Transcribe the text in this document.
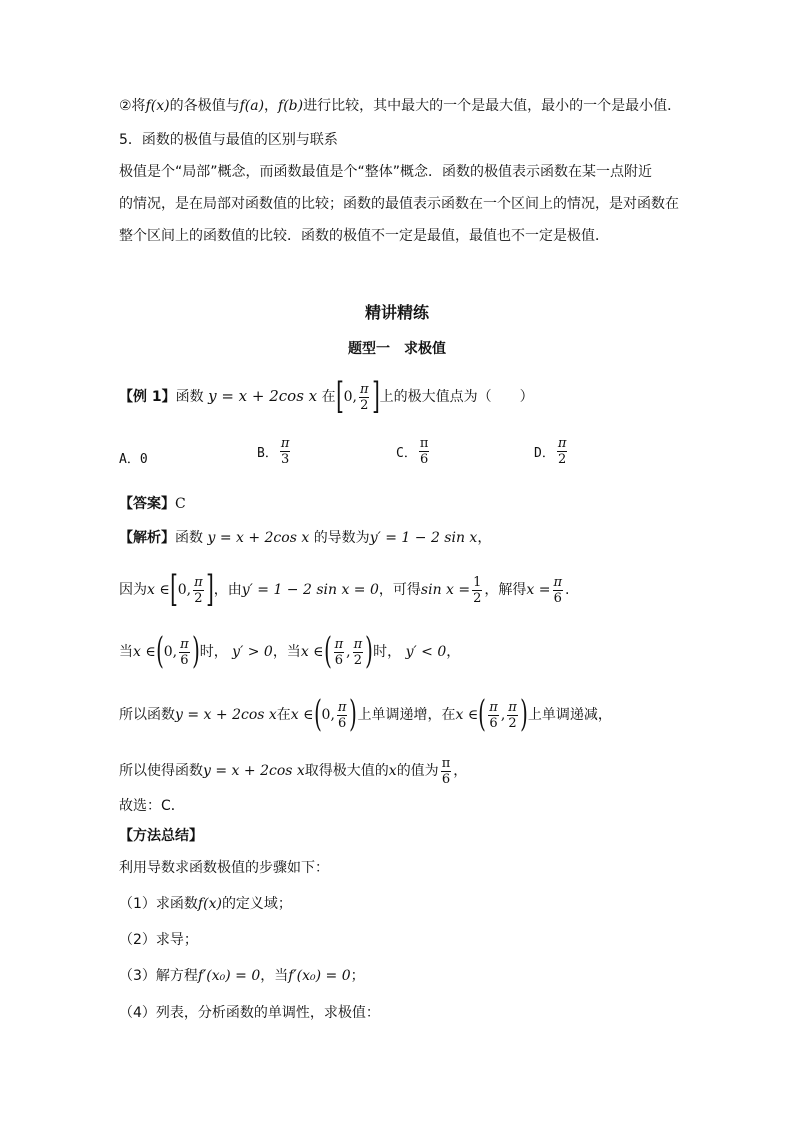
②将f(x)的各极值与f(a)，f(b)进行比较，其中最大的一个是最大值，最小的一个是最小值．
5．函数的极值与最值的区别与联系
极值是个“局部”概念，而函数最值是个“整体”概念．函数的极值表示函数在某一点附近
的情况，是在局部对函数值的比较；函数的最值表示函数在一个区间上的情况，是对函数在
整个区间上的函数值的比较．函数的极值不一定是最值，最值也不一定是极值．
精讲精练
题型一　求极值
【例 1】函数 y = x + 2cos x 在[0, $\frac{\pi}{2}$ ]上的极大值点为（　　）
A．0	B． $\frac{\pi}{3}$	C． $\frac{\pi}{6}$	D． $\frac{\pi}{2}$
【答案】C
【解析】函数 y = x + 2cos x 的导数为y′ = 1 − 2 sin x，
因为x ∈[0, $\frac{\pi}{2}$ ]，由y′ = 1 − 2 sin x = 0，可得$\sin x = \frac{1}{2}$ ，解得$x = \frac{\pi}{6}$ .
当x ∈(0, $\frac{\pi}{6}$ )时， y′ > 0，当x ∈( $\frac{\pi}{6}$ , $\frac{\pi}{2}$ )时， y′ < 0，
所以函数y = x + 2cos x在x ∈(0, $\frac{\pi}{6}$ )上单调递增，在x ∈( $\frac{\pi}{6}$ , $\frac{\pi}{2}$ )上单调递减，
所以使得函数y = x + 2cos x取得极大值的x的值为 $\frac{\pi}{6}$ ，
故选：C．
【方法总结】
利用导数求函数极值的步骤如下：
（1）求函数f(x)的定义域；
（2）求导；
（3）解方程f′(x₀) = 0，当f′(x₀) = 0；
（4）列表，分析函数的单调性，求极值：
